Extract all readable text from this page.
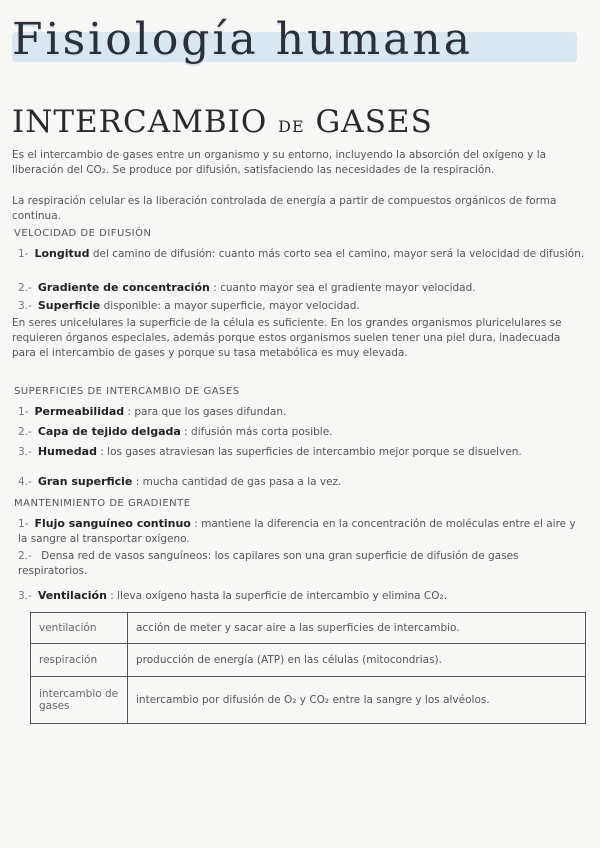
Fisiología humana
INTERCAMBIO DE GASES
Es el intercambio de gases entre un organismo y su entorno, incluyendo la absorción del oxígeno y la liberación del CO₂. Se produce por difusión, satisfaciendo las necesidades de la respiración.
La respiración celular es la liberación controlada de energía a partir de compuestos orgánicos de forma continua.
VELOCIDAD DE DIFUSIÓN
1- Longitud del camino de difusión: cuanto más corto sea el camino, mayor será la velocidad de difusión.
2.- Gradiente de concentración : cuanto mayor sea el gradiente mayor velocidad.
3.- Superficie disponible: a mayor superficie, mayor velocidad.
En seres unicelulares la superficie de la célula es suficiente. En los grandes organismos pluricelulares se requieren órganos especiales, además porque estos organismos suelen tener una piel dura, inadecuada para el intercambio de gases y porque su tasa metabólica es muy elevada.
SUPERFICIES DE INTERCAMBIO DE GASES
1- Permeabilidad : para que los gases difundan.
2.- Capa de tejido delgada : difusión más corta posible.
3.- Humedad : los gases atraviesan las superficies de intercambio mejor porque se disuelven.
4.- Gran superficie : mucha cantidad de gas pasa a la vez.
MANTENIMIENTO DE GRADIENTE
1- Flujo sanguíneo continuo : mantiene la diferencia en la concentración de moléculas entre el aire y la sangre al transportar oxígeno.
2.- Densa red de vasos sanguíneos: los capilares son una gran superficie de difusión de gases respiratorios.
3.- Ventilación : lleva oxígeno hasta la superficie de intercambio y elimina CO₂.
ventilación	acción de meter y sacar aire a las superficies de intercambio.
respiración	producción de energía (ATP) en las células (mitocondrias).
intercambio de gases	intercambio por difusión de O₂ y CO₂ entre la sangre y los alvéolos.
